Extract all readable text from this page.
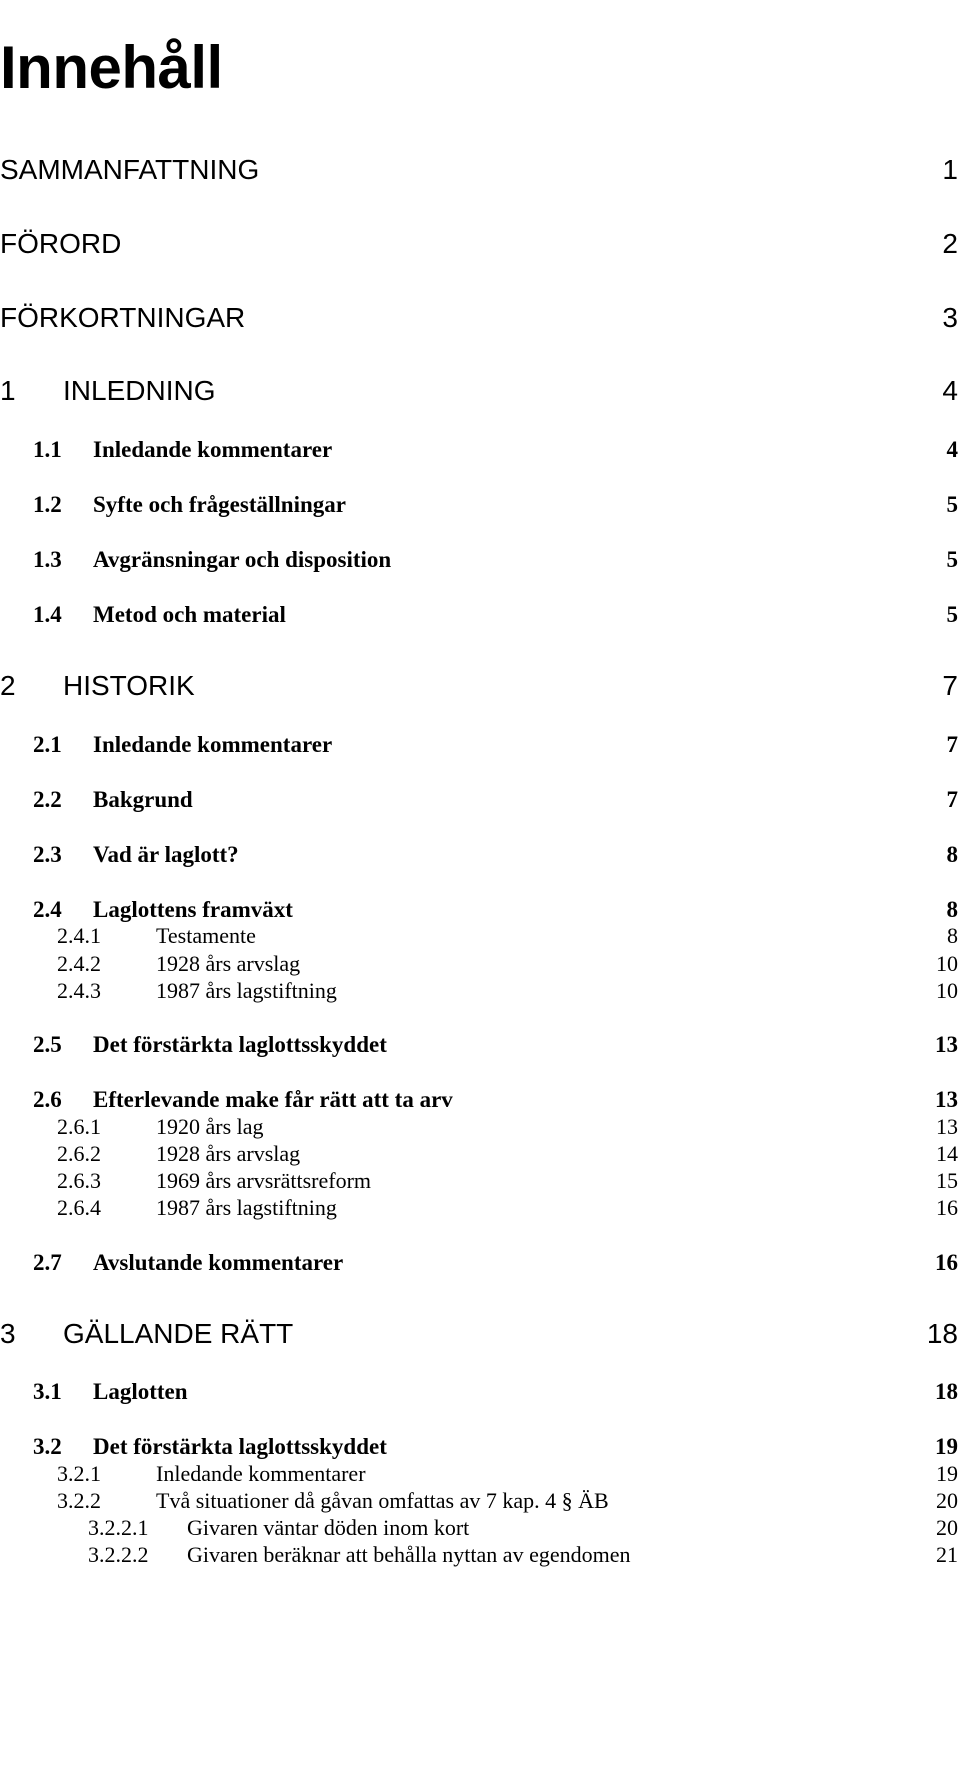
Innehåll
SAMMANFATTNING	1
FÖRORD	2
FÖRKORTNINGAR	3
1 INLEDNING	4
1.1 Inledande kommentarer	4
1.2 Syfte och frågeställningar	5
1.3 Avgränsningar och disposition	5
1.4 Metod och material	5
2 HISTORIK	7
2.1 Inledande kommentarer	7
2.2 Bakgrund	7
2.3 Vad är laglott?	8
2.4 Laglottens framväxt	8
2.4.1	Testamente	8
2.4.2	1928 års arvslag	10
2.4.3	1987 års lagstiftning	10
2.5 Det förstärkta laglottsskyddet	13
2.6 Efterlevande make får rätt att ta arv	13
2.6.1	1920 års lag	13
2.6.2	1928 års arvslag	14
2.6.3	1969 års arvsrättsreform	15
2.6.4	1987 års lagstiftning	16
2.7 Avslutande kommentarer	16
3 GÄLLANDE RÄTT	18
3.1 Laglotten	18
3.2 Det förstärkta laglottsskyddet	19
3.2.1	Inledande kommentarer	19
3.2.2	Två situationer då gåvan omfattas av 7 kap. 4 § ÄB	20
3.2.2.1 Givaren väntar döden inom kort	20
3.2.2.2 Givaren beräknar att behålla nyttan av egendomen	21
